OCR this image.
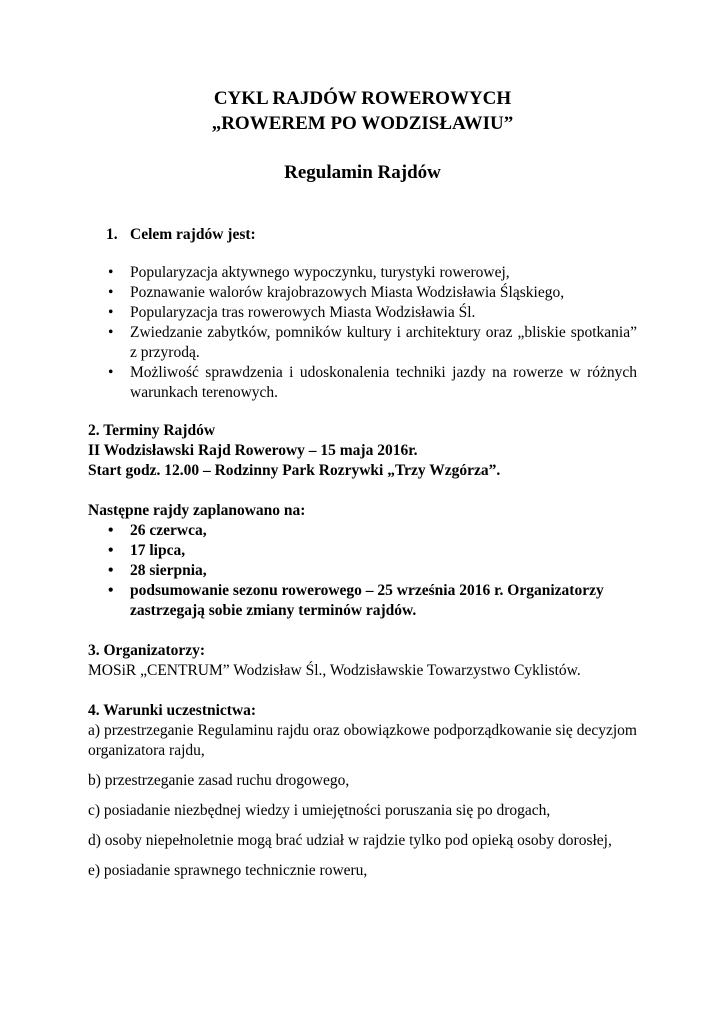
CYKL RAJDÓW ROWEROWYCH
„ROWEREM PO WODZISŁAWIU”
Regulamin Rajdów
1. Celem rajdów jest:
• Popularyzacja aktywnego wypoczynku, turystyki rowerowej,
• Poznawanie walorów krajobrazowych Miasta Wodzisławia Śląskiego,
• Popularyzacja tras rowerowych Miasta Wodzisławia Śl.
• Zwiedzanie zabytków, pomników kultury i architektury oraz „bliskie spotkania” z przyrodą.
• Możliwość sprawdzenia i udoskonalenia techniki jazdy na rowerze w różnych warunkach terenowych.

2. Terminy Rajdów

II Wodzisławski Rajd Rowerowy – 15 maja 2016r.

Start godz. 12.00 – Rodzinny Park Rozrywki „Trzy Wzgórza”.

Następne rajdy zaplanowano na:
• 26 czerwca,
• 17 lipca,
• 28 sierpnia,
• podsumowanie sezonu rowerowego – 25 września 2016 r. Organizatorzy zastrzegają sobie zmiany terminów rajdów.

3. Organizatorzy:

MOSiR „CENTRUM” Wodzisław Śl., Wodzisławskie Towarzystwo Cyklistów.

4. Warunki uczestnictwa:

a) przestrzeganie Regulaminu rajdu oraz obowiązkowe podporządkowanie się decyzjom organizatora rajdu,

b) przestrzeganie zasad ruchu drogowego,

c) posiadanie niezbędnej wiedzy i umiejętności poruszania się po drogach,

d) osoby niepełnoletnie mogą brać udział w rajdzie tylko pod opieką osoby dorosłej,

e) posiadanie sprawnego technicznie roweru,
